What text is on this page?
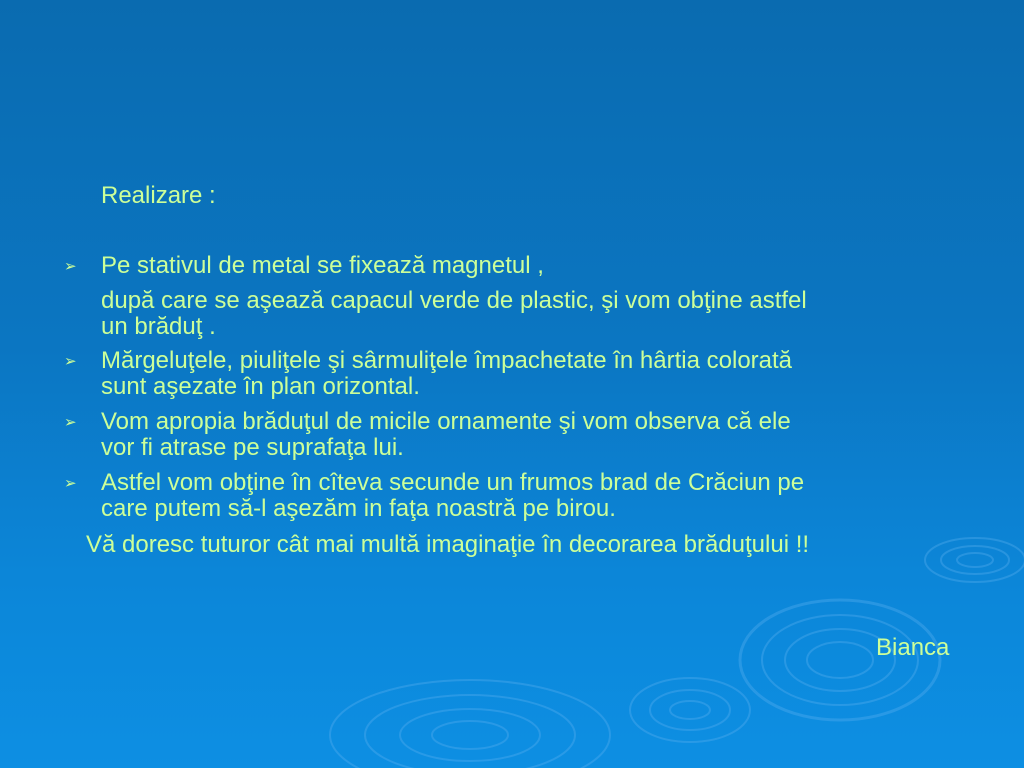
Realizare :
➢ Pe stativul de metal se fixează magnetul ,
după care se aşează capacul verde de plastic, şi vom obţine astfel
un brăduţ .
➢ Mărgeluţele, piuliţele şi sârmuliţele împachetate în hârtia colorată
sunt aşezate în plan orizontal.
➢ Vom apropia brăduţul de micile ornamente şi vom observa că ele
vor fi atrase pe suprafaţa lui.
➢ Astfel vom obţine în cîteva secunde un frumos brad de Crăciun pe
care putem să-l aşezăm in faţa noastră pe birou.
Vă doresc tuturor cât mai multă imaginaţie în decorarea brăduţului !!
Bianca
